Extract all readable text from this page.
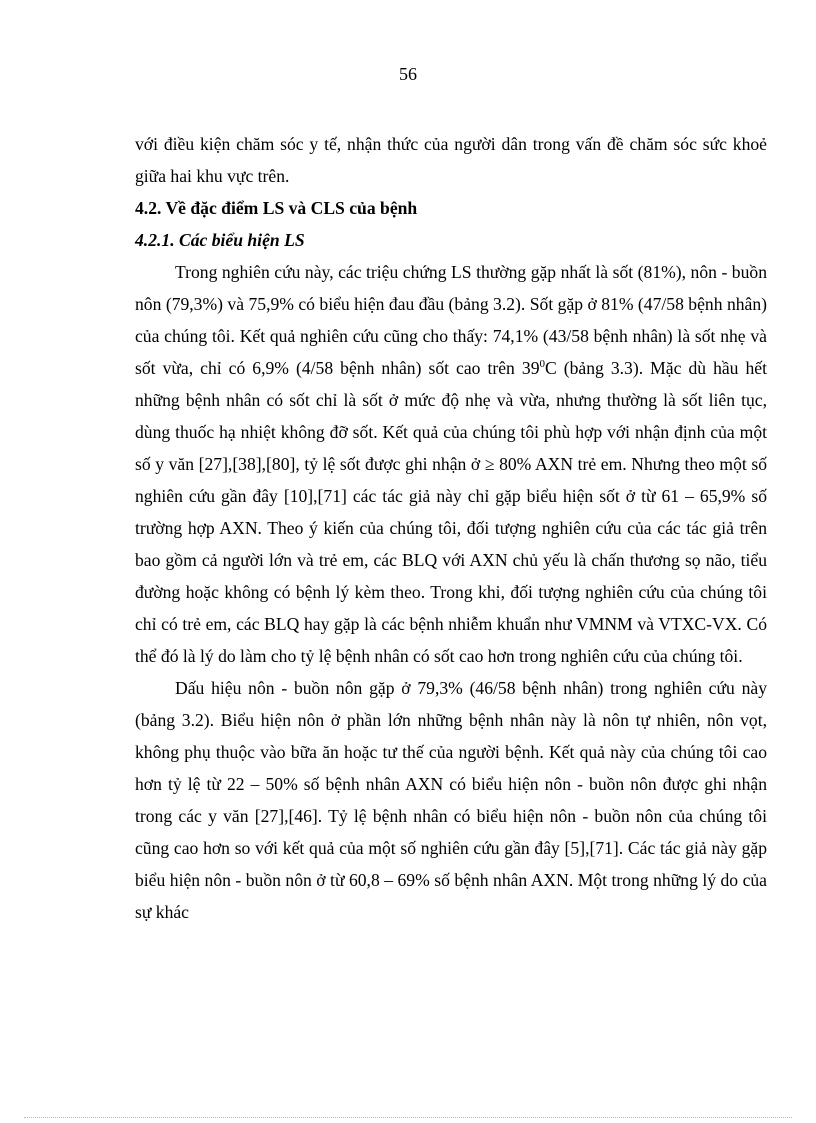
56

với điều kiện chăm sóc y tế, nhận thức của người dân trong vấn đề chăm sóc sức khoẻ giữa hai khu vực trên.

4.2. Về đặc điểm LS và CLS của bệnh

4.2.1. Các biểu hiện LS

Trong nghiên cứu này, các triệu chứng LS thường gặp nhất là sốt (81%), nôn - buồn nôn (79,3%) và 75,9% có biểu hiện đau đầu (bảng 3.2). Sốt gặp ở 81% (47/58 bệnh nhân) của chúng tôi. Kết quả nghiên cứu cũng cho thấy: 74,1% (43/58 bệnh nhân) là sốt nhẹ và sốt vừa, chỉ có 6,9% (4/58 bệnh nhân) sốt cao trên $39^0C$ (bảng 3.3). Mặc dù hầu hết những bệnh nhân có sốt chỉ là sốt ở mức độ nhẹ và vừa, nhưng thường là sốt liên tục, dùng thuốc hạ nhiệt không đỡ sốt. Kết quả của chúng tôi phù hợp với nhận định của một số y văn [27],[38],[80], tỷ lệ sốt được ghi nhận ở ≥ 80% AXN trẻ em. Nhưng theo một số nghiên cứu gần đây [10],[71] các tác giả này chỉ gặp biểu hiện sốt ở từ 61 – 65,9% số trường hợp AXN. Theo ý kiến của chúng tôi, đối tượng nghiên cứu của các tác giả trên bao gồm cả người lớn và trẻ em, các BLQ với AXN chủ yếu là chấn thương sọ não, tiểu đường hoặc không có bệnh lý kèm theo. Trong khi, đối tượng nghiên cứu của chúng tôi chỉ có trẻ em, các BLQ hay gặp là các bệnh nhiễm khuẩn như VMNM và VTXC-VX. Có thể đó là lý do làm cho tỷ lệ bệnh nhân có sốt cao hơn trong nghiên cứu của chúng tôi.

Dấu hiệu nôn - buồn nôn gặp ở 79,3% (46/58 bệnh nhân) trong nghiên cứu này (bảng 3.2). Biểu hiện nôn ở phần lớn những bệnh nhân này là nôn tự nhiên, nôn vọt, không phụ thuộc vào bữa ăn hoặc tư thế của người bệnh. Kết quả này của chúng tôi cao hơn tỷ lệ từ 22 – 50% số bệnh nhân AXN có biểu hiện nôn - buồn nôn được ghi nhận trong các y văn [27],[46]. Tỷ lệ bệnh nhân có biểu hiện nôn - buồn nôn của chúng tôi cũng cao hơn so với kết quả của một số nghiên cứu gần đây [5],[71]. Các tác giả này gặp biểu hiện nôn - buồn nôn ở từ 60,8 – 69% số bệnh nhân AXN. Một trong những lý do của sự khác
